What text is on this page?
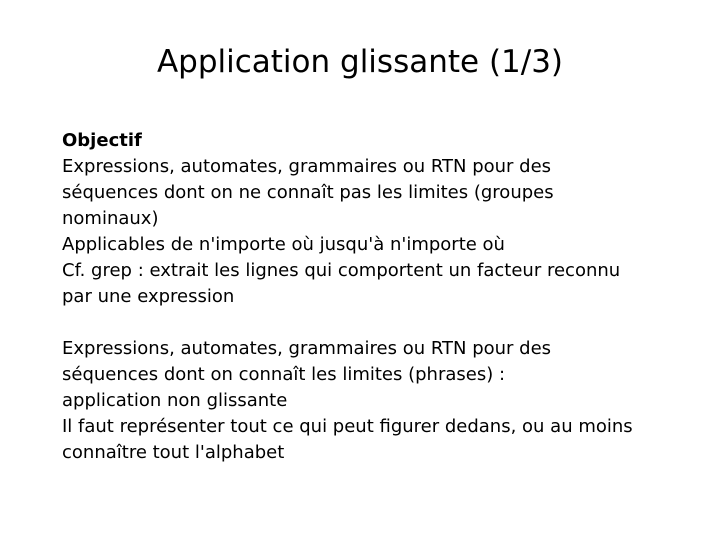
Application glissante (1/3)
Objectif
Expressions, automates, grammaires ou RTN pour des
séquences dont on ne connaît pas les limites (groupes
nominaux)
Applicables de n'importe où jusqu'à n'importe où
Cf. grep : extrait les lignes qui comportent un facteur reconnu
par une expression
Expressions, automates, grammaires ou RTN pour des
séquences dont on connaît les limites (phrases) :
application non glissante
Il faut représenter tout ce qui peut figurer dedans, ou au moins
connaître tout l'alphabet
